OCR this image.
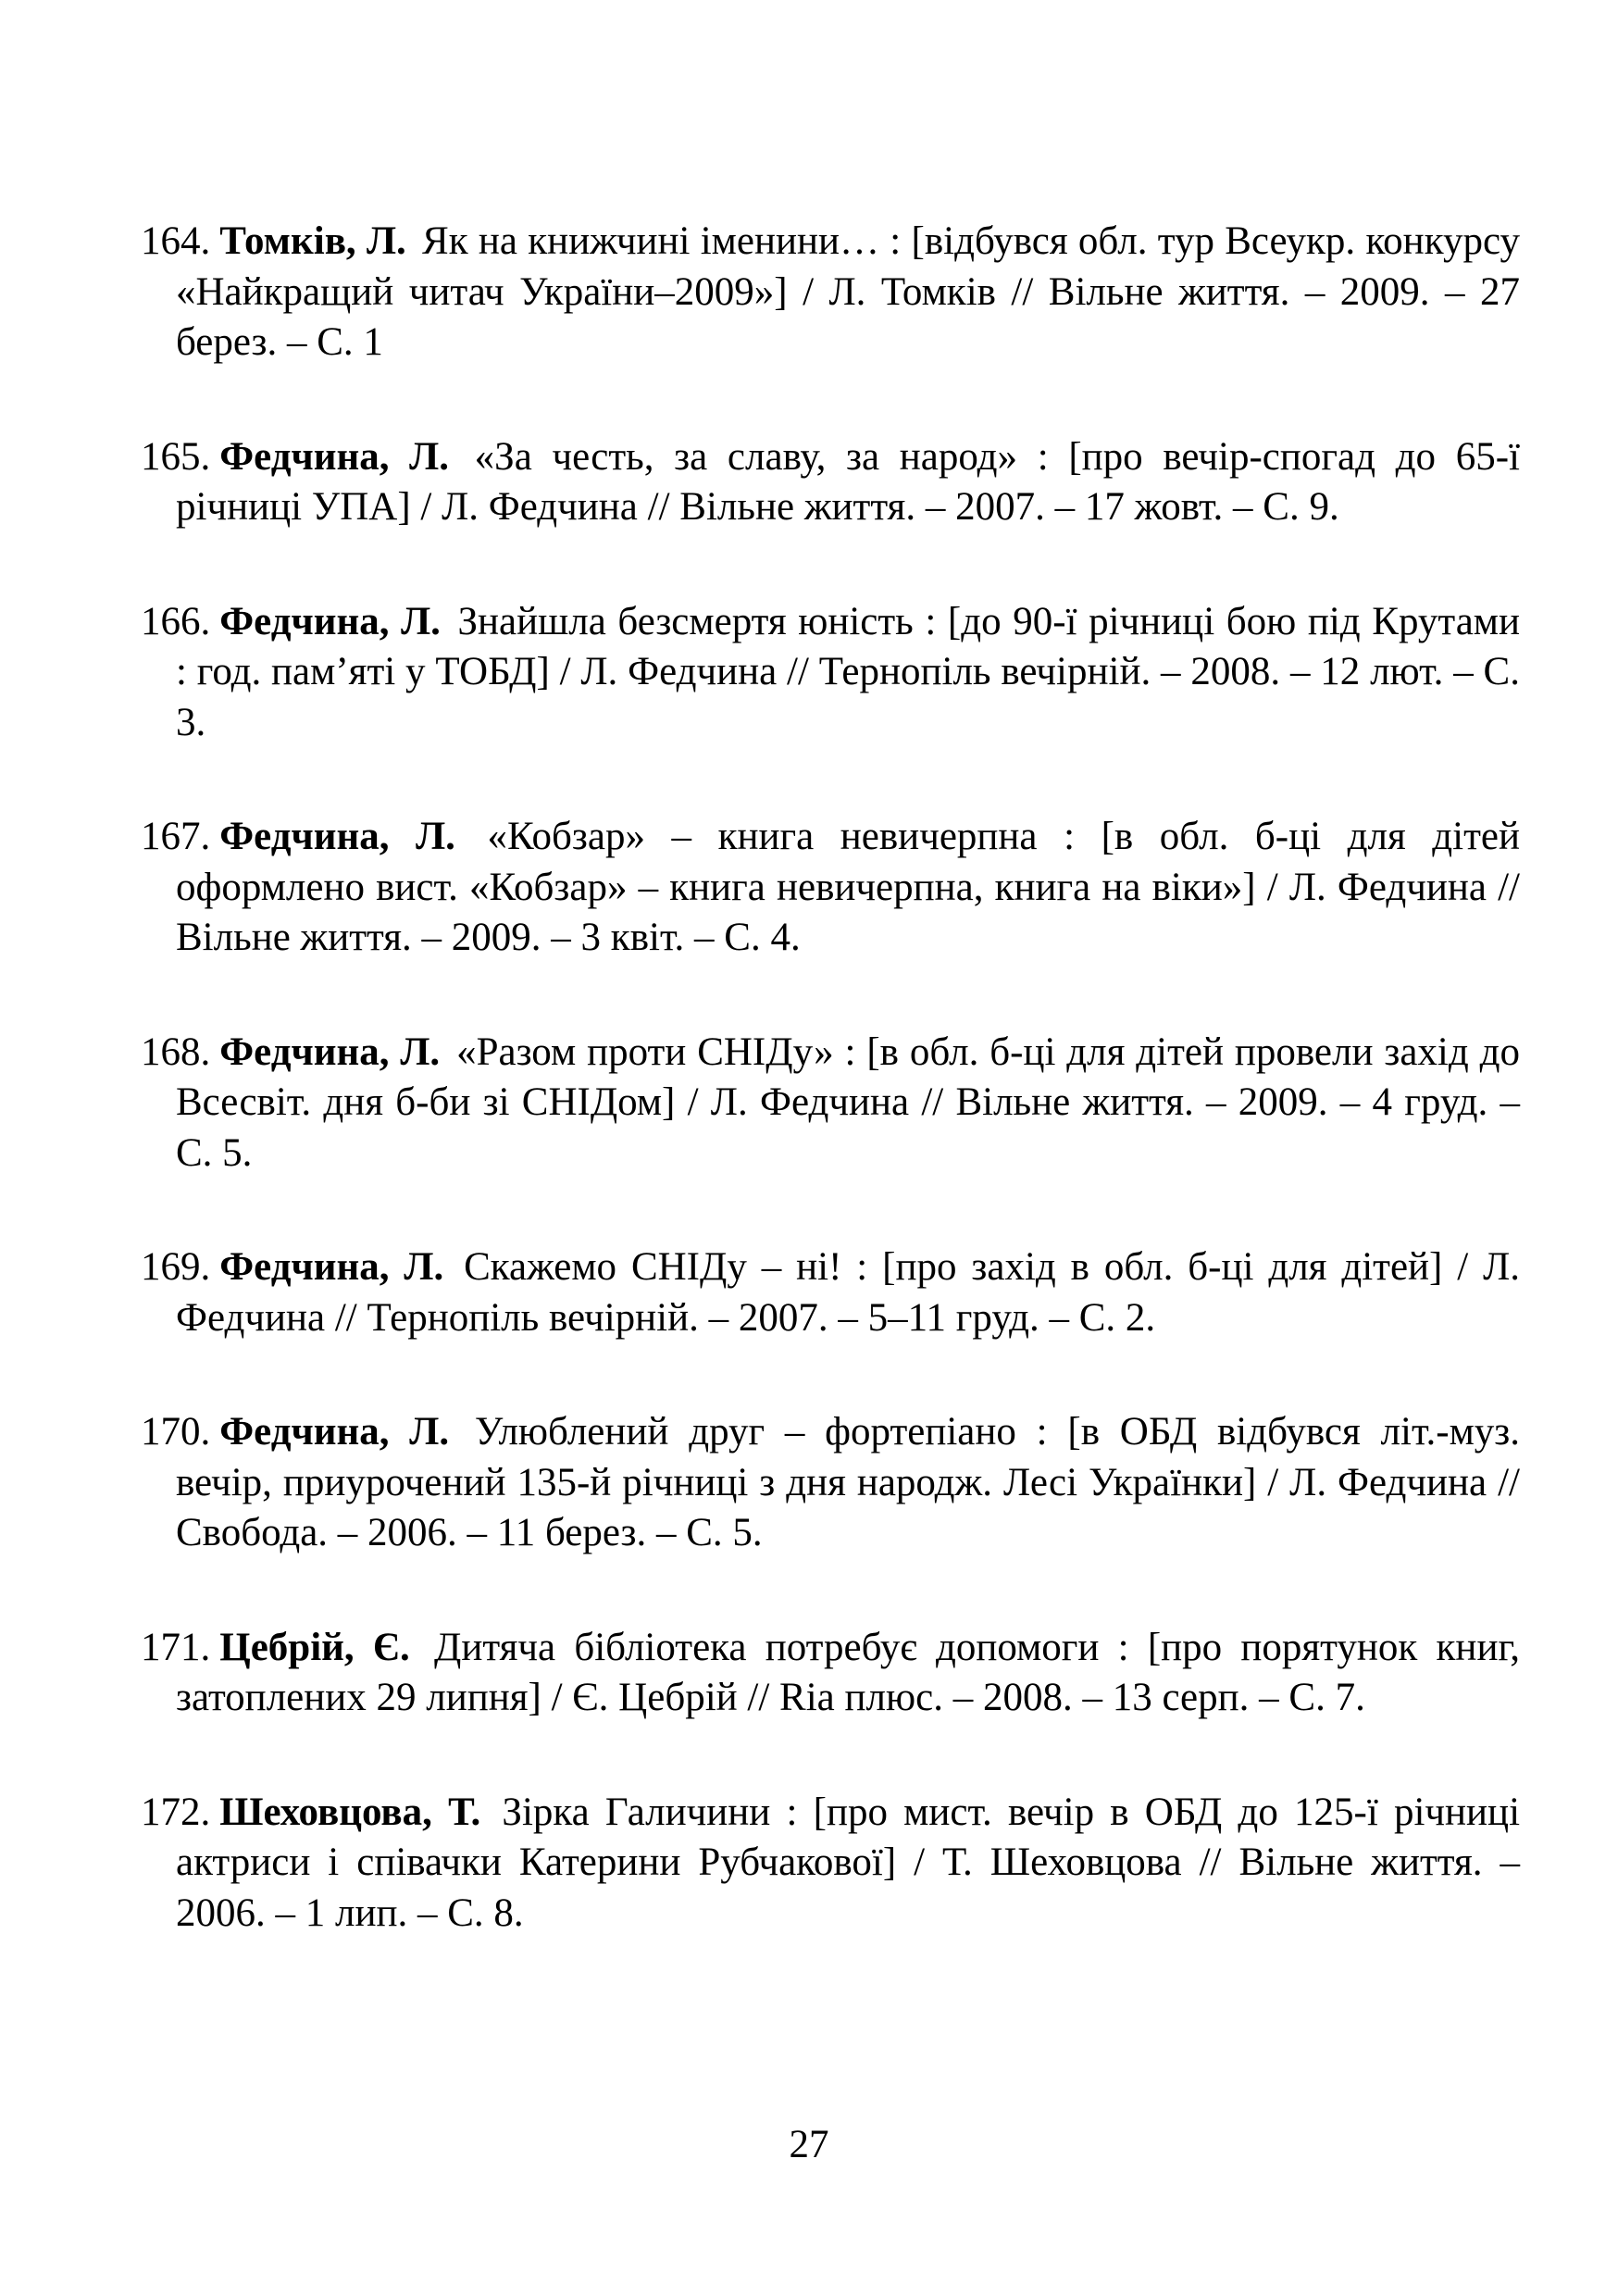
164. Томків, Л. Як на книжчині іменини… : [відбувся обл. тур Всеукр. конкурсу «Найкращий читач України–2009»] / Л. Томків // Вільне життя. – 2009. – 27 берез. – С. 1
165. Федчина, Л. «За честь, за славу, за народ» : [про вечір-спогад до 65-ї річниці УПА] / Л. Федчина // Вільне життя. – 2007. – 17 жовт. – С. 9.
166. Федчина, Л. Знайшла безсмертя юність : [до 90-ї річниці бою під Крутами : год. пам’яті у ТОБД] / Л. Федчина // Тернопіль вечірній. – 2008. – 12 лют. – С. 3.
167. Федчина, Л. «Кобзар» – книга невичерпна : [в обл. б-ці для дітей оформлено вист. «Кобзар» – книга невичерпна, книга на віки»] / Л. Федчина // Вільне життя. – 2009. – 3 квіт. – С. 4.
168. Федчина, Л. «Разом проти СНІДу» : [в обл. б-ці для дітей провели захід до Всесвіт. дня б-би зі СНІДом] / Л. Федчина // Вільне життя. – 2009. – 4 груд. – С. 5.
169. Федчина, Л. Скажемо СНІДу – ні! : [про захід в обл. б-ці для дітей] / Л. Федчина // Тернопіль вечірній. – 2007. – 5–11 груд. – С. 2.
170. Федчина, Л. Улюблений друг – фортепіано : [в ОБД відбувся літ.-муз. вечір, приурочений 135-й річниці з дня народж. Лесі Українки] / Л. Федчина // Свобода. – 2006. – 11 берез. – С. 5.
171. Цебрій, Є. Дитяча бібліотека потребує допомоги : [про порятунок книг, затоплених 29 липня] / Є. Цебрій // Ria плюс. – 2008. – 13 серп. – С. 7.
172. Шеховцова, Т. Зірка Галичини : [про мист. вечір в ОБД до 125-ї річниці актриси і співачки Катерини Рубчакової] / Т. Шеховцова // Вільне життя. – 2006. – 1 лип. – С. 8.
27
